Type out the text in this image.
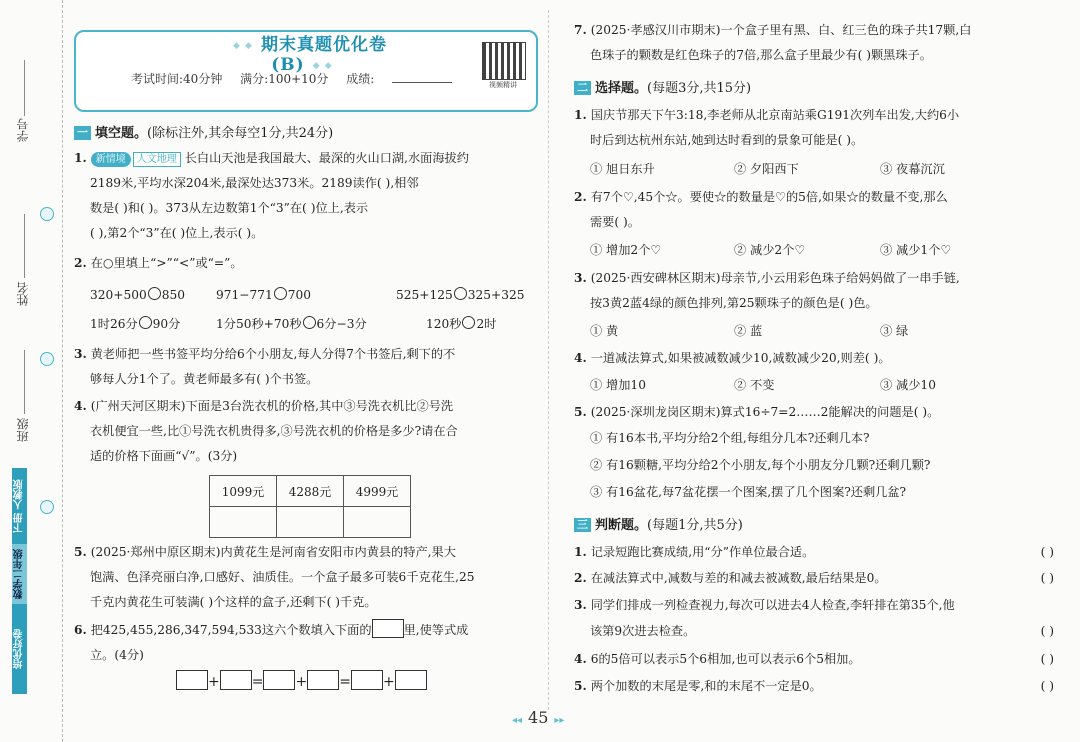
学号
姓名
班级
下册 人教版
数学二年级
培优好卷
◆ ◆ 期末真题优化卷(B) ◆ ◆
考试时间:40分钟 满分:100+10分 成绩:	视频精讲
一 填空题。(除标注外,其余每空1分,共24分)
1. 新情境 人文地理 长白山天池是我国最大、最深的火山口湖,水面海拔约
2189米,平均水深204米,最深处达373米。2189读作( ),相邻
数是( )和( )。373从左边数第1个“3”在( )位上,表示
( ),第2个“3”在( )位上,表示( )。
2. 在○里填上“>”“<”或“=”。
320+500 850	971−771 700	525+125 325+325
1时26分 90分	1分50秒+70秒 6分−3分	120秒 2时
3. 黄老师把一些书签平均分给6个小朋友,每人分得7个书签后,剩下的不
够每人分1个了。黄老师最多有( )个书签。
4. (广州天河区期末)下面是3台洗衣机的价格,其中③号洗衣机比②号洗
衣机便宜一些,比①号洗衣机贵得多,③号洗衣机的价格是多少?请在合
适的价格下面画“√”。(3分)
1099元	4288元	4999元

5. (2025·郑州中原区期末)内黄花生是河南省安阳市内黄县的特产,果大
饱满、色泽亮丽白净,口感好、油质佳。一个盒子最多可装6千克花生,25
千克内黄花生可装满( )个这样的盒子,还剩下( )千克。
6. 把425,455,286,347,594,533这六个数填入下面的	里,使等式成
立。(4分)
+ = + = +
7. (2025·孝感汉川市期末)一个盒子里有黑、白、红三色的珠子共17颗,白
色珠子的颗数是红色珠子的7倍,那么盒子里最少有( )颗黑珠子。
二 选择题。(每题3分,共15分)
1. 国庆节那天下午3:18,李老师从北京南站乘G191次列车出发,大约6小
时后到达杭州东站,她到达时看到的景象可能是( )。
① 旭日东升	② 夕阳西下	③ 夜幕沉沉
2. 有7个♡,45个☆。要使☆的数量是♡的5倍,如果☆的数量不变,那么
需要( )。
① 增加2个♡	② 减少2个♡	③ 减少1个♡
3. (2025·西安碑林区期末)母亲节,小云用彩色珠子给妈妈做了一串手链,
按3黄2蓝4绿的颜色排列,第25颗珠子的颜色是( )色。
① 黄	② 蓝	③ 绿
4. 一道减法算式,如果被减数减少10,减数减少20,则差( )。
① 增加10	② 不变	③ 减少10
5. (2025·深圳龙岗区期末)算式16÷7=2……2能解决的问题是( )。
① 有16本书,平均分给2个组,每组分几本?还剩几本?
② 有16颗糖,平均分给2个小朋友,每个小朋友分几颗?还剩几颗?
③ 有16盆花,每7盆花摆一个图案,摆了几个图案?还剩几盆?
三 判断题。(每题1分,共5分)
1. 记录短跑比赛成绩,用“分”作单位最合适。	( )
2. 在减法算式中,减数与差的和减去被减数,最后结果是0。	( )
3. 同学们排成一列检查视力,每次可以进去4人检查,李轩排在第35个,他
该第9次进去检查。	( )
4. 6的5倍可以表示5个6相加,也可以表示6个5相加。	( )
5. 两个加数的末尾是零,和的末尾不一定是0。	( )
◂◂ 45 ▸▸
